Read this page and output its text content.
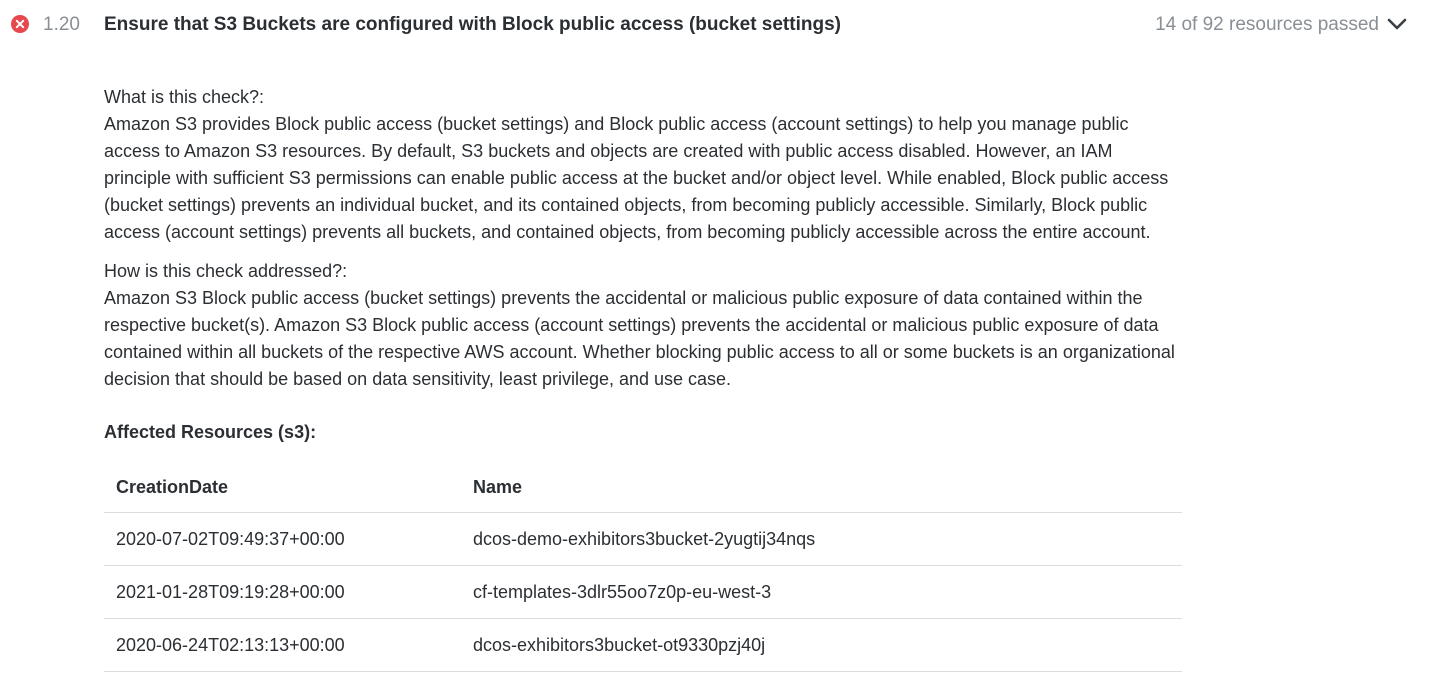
1.20 Ensure that S3 Buckets are configured with Block public access (bucket settings)	14 of 92 resources passed

What is this check?:

Amazon S3 provides Block public access (bucket settings) and Block public access (account settings) to help you manage public access to Amazon S3 resources. By default, S3 buckets and objects are created with public access disabled. However, an IAM principle with sufficient S3 permissions can enable public access at the bucket and/or object level. While enabled, Block public access (bucket settings) prevents an individual bucket, and its contained objects, from becoming publicly accessible. Similarly, Block public access (account settings) prevents all buckets, and contained objects, from becoming publicly accessible across the entire account.

How is this check addressed?:

Amazon S3 Block public access (bucket settings) prevents the accidental or malicious public exposure of data contained within the respective bucket(s). Amazon S3 Block public access (account settings) prevents the accidental or malicious public exposure of data contained within all buckets of the respective AWS account. Whether blocking public access to all or some buckets is an organizational decision that should be based on data sensitivity, least privilege, and use case.

Affected Resources (s3):

CreationDate	Name
2020-07-02T09:49:37+00:00	dcos-demo-exhibitors3bucket-2yugtij34nqs
2021-01-28T09:19:28+00:00	cf-templates-3dlr55oo7z0p-eu-west-3
2020-06-24T02:13:13+00:00	dcos-exhibitors3bucket-ot9330pzj40j
